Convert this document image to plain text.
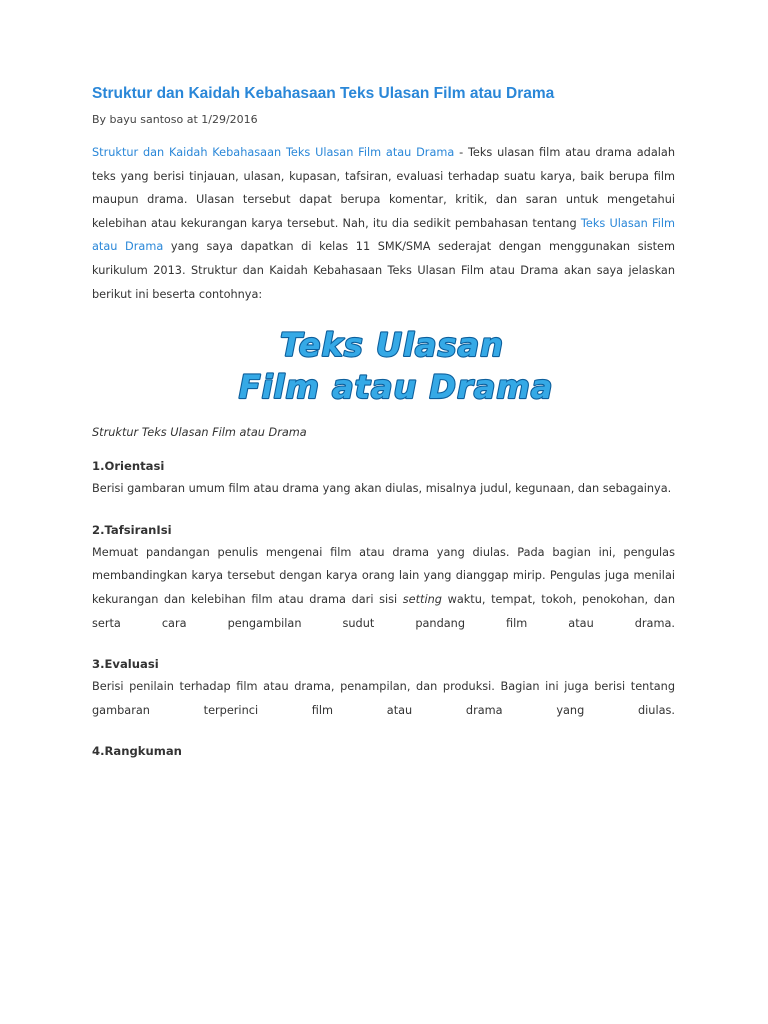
Struktur dan Kaidah Kebahasaan Teks Ulasan Film atau Drama
By bayu santoso at 1/29/2016

Struktur dan Kaidah Kebahasaan Teks Ulasan Film atau Drama - Teks ulasan film atau drama adalah teks yang berisi tinjauan, ulasan, kupasan, tafsiran, evaluasi terhadap suatu karya, baik berupa film maupun drama. Ulasan tersebut dapat berupa komentar, kritik, dan saran untuk mengetahui kelebihan atau kekurangan karya tersebut. Nah, itu dia sedikit pembahasan tentang Teks Ulasan Film atau Drama yang saya dapatkan di kelas 11 SMK/SMA sederajat dengan menggunakan sistem kurikulum 2013. Struktur dan Kaidah Kebahasaan Teks Ulasan Film atau Drama akan saya jelaskan berikut ini beserta contohnya:

Teks Ulasan
Film atau Drama
Struktur Teks Ulasan Film atau Drama
1.Orientasi

Berisi gambaran umum film atau drama yang akan diulas, misalnya judul, kegunaan, dan sebagainya.

2.TafsiranIsi

Memuat pandangan penulis mengenai film atau drama yang diulas. Pada bagian ini, pengulas membandingkan karya tersebut dengan karya orang lain yang dianggap mirip. Pengulas juga menilai kekurangan dan kelebihan film atau drama dari sisi setting waktu, tempat, tokoh, penokohan, dan serta cara pengambilan sudut pandang film atau drama.

3.Evaluasi

Berisi penilain terhadap film atau drama, penampilan, dan produksi. Bagian ini juga berisi tentang gambaran terperinci film atau drama yang diulas.

4.Rangkuman
